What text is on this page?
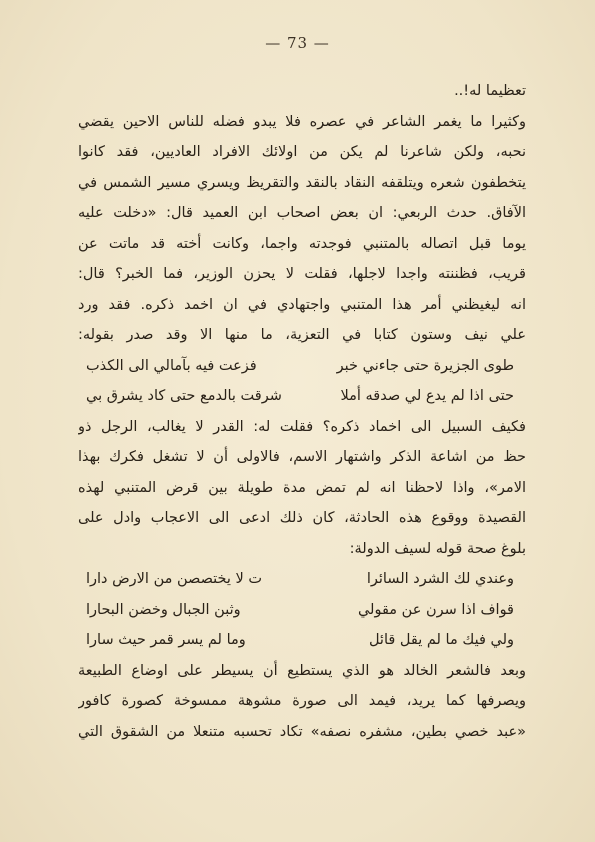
— 73 —
تعظيما له!..
وكثيرا ما يغمر الشاعر في عصره فلا يبدو فضله للناس الاحين يقضي
نحبه، ولكن شاعرنا لم يكن من اولائك الافراد العاديين، فقد كانوا
يتخطفون شعره ويتلقفه النقاد بالنقد والتقريظ ويسري مسير الشمس في
الآفاق. حدث الربعي: ان بعض اصحاب ابن العميد قال: «دخلت عليه
يوما قبل اتصاله بالمتنبي فوجدته واجما، وكانت أخته قد ماتت عن
قريب، فظننته واجدا لاجلها، فقلت لا يحزن الوزير، فما الخبر؟ قال:
انه ليغيظني أمر هذا المتنبي واجتهادي في ان اخمد ذكره. فقد ورد
علي نيف وستون كتابا في التعزية، ما منها الا وقد صدر بقوله:
طوى الجزيرة حتى جاءني خبر
فزعت فيه بآمالي الى الكذب
حتى اذا لم يدع لي صدقه أملا
شرقت بالدمع حتى كاد يشرق بي
فكيف السبيل الى اخماد ذكره؟ فقلت له: القدر لا يغالب، الرجل ذو
حظ من اشاعة الذكر واشتهار الاسم، فالاولى أن لا تشغل فكرك بهذا
الامر»، واذا لاحظنا انه لم تمض مدة طويلة بين قرض المتنبي لهذه
القصيدة ووقوع هذه الحادثة، كان ذلك ادعى الى الاعجاب وادل على
بلوغ صحة قوله لسيف الدولة:
وعندي لك الشرد السائرا
ت لا يختصصن من الارض دارا
قواف اذا سرن عن مقولي
وثبن الجبال وخضن البحارا
ولي فيك ما لم يقل قائل
وما لم يسر قمر حيث سارا
وبعد فالشعر الخالد هو الذي يستطيع أن يسيطر على اوضاع الطبيعة
ويصرفها كما يريد، فيمد الى صورة مشوهة ممسوخة كصورة كافور
«عبد خصي بطين، مشفره نصفه» تكاد تحسبه متنعلا من الشقوق التي
